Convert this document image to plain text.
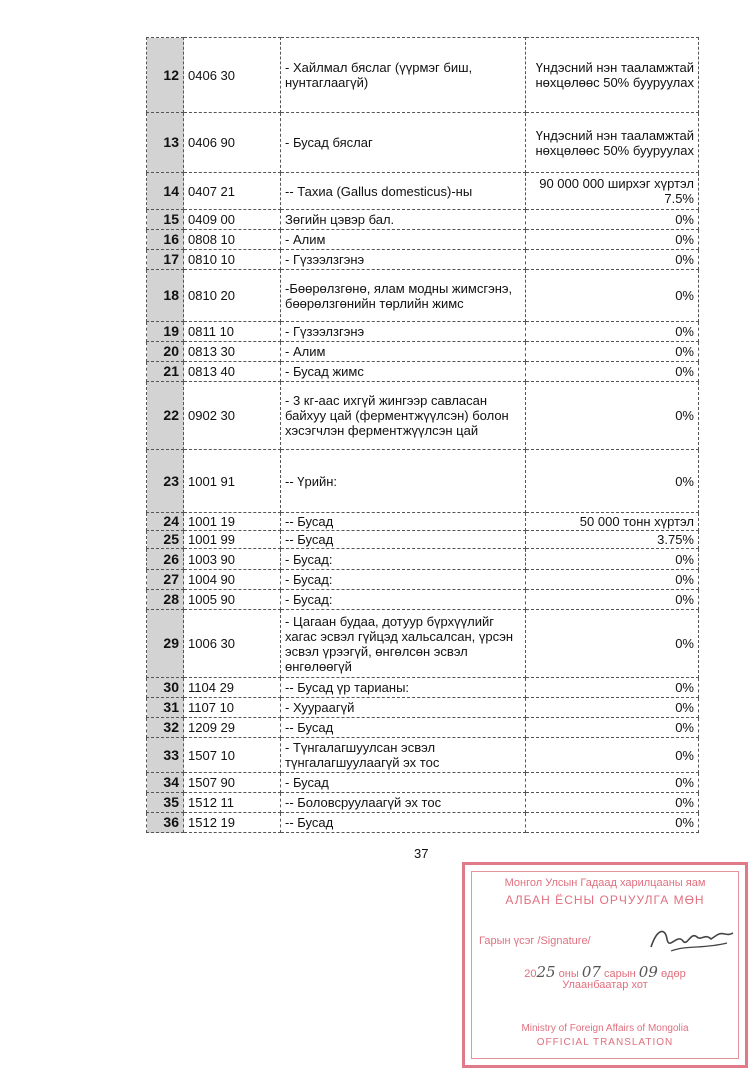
12	0406 30	- Хайлмал бяслаг (үүрмэг биш, нунтаглаагүй)	Үндэсний нэн тааламжтай нөхцөлөөс 50% бууруулах
13	0406 90	- Бусад бяслаг	Үндэсний нэн тааламжтай нөхцөлөөс 50% бууруулах
14	0407 21	-- Тахиа (Gallus domesticus)-ны	90 000 000 ширхэг хүртэл 7.5%
15	0409 00	Зөгийн цэвэр бал.	0%
16	0808 10	- Алим	0%
17	0810 10	- Гүзээлзгэнэ	0%
18	0810 20	-Бөөрөлзгөнө, ялам модны жимсгэнэ, бөөрөлзгөнийн төрлийн жимс	0%
19	0811 10	- Гүзээлзгэнэ	0%
20	0813 30	- Алим	0%
21	0813 40	- Бусад жимс	0%
22	0902 30	- 3 кг-аас ихгүй жингээр савласан байхуу цай (ферментжүүлсэн) болон хэсэгчлэн ферментжүүлсэн цай	0%
23	1001 91	-- Үрийн:	0%
24	1001 19	-- Бусад	50 000 тонн хүртэл
25	1001 99	-- Бусад	3.75%
26	1003 90	- Бусад:	0%
27	1004 90	- Бусад:	0%
28	1005 90	- Бусад:	0%
29	1006 30	- Цагаан будаа, дотуур бүрхүүлийг хагас эсвэл гүйцэд хальсалсан, үрсэн эсвэл үрээгүй, өнгөлсөн эсвэл өнгөлөөгүй	0%
30	1104 29	-- Бусад үр тарианы:	0%
31	1107 10	- Хуураагүй	0%
32	1209 29	-- Бусад	0%
33	1507 10	- Түнгалагшуулсан эсвэл түнгалагшуулаагүй эх тос	0%
34	1507 90	- Бусад	0%
35	1512 11	-- Боловсруулаагүй эх тос	0%
36	1512 19	-- Бусад	0%
37
Монгол Улсын Гадаад харилцааны яам
АЛБАН ЁСНЫ ОРЧУУЛГА МӨН
Гарын үсэг /Signature/
2025 оны 07 сарын 09 өдөр
Улаанбаатар хот
Ministry of Foreign Affairs of Mongolia
OFFICIAL TRANSLATION
